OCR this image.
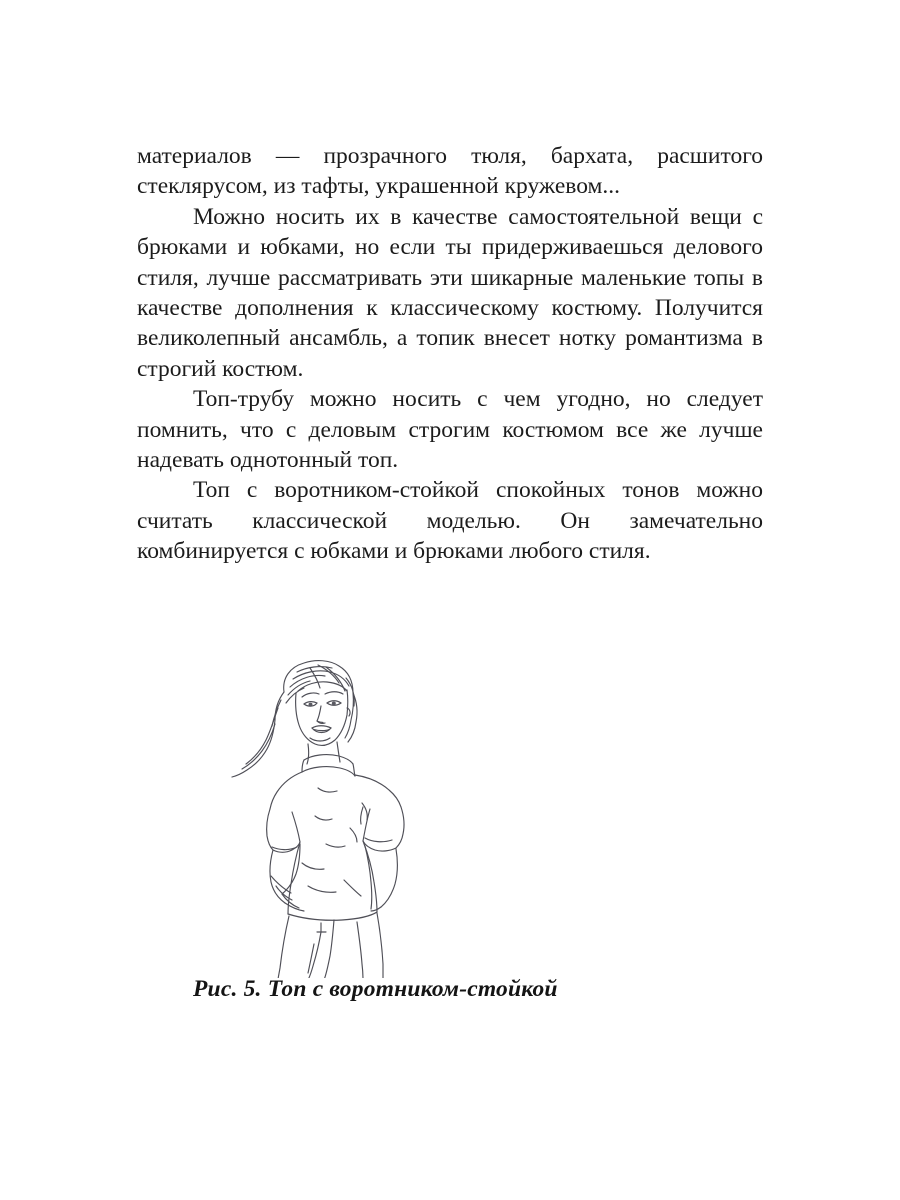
материалов — прозрачного тюля, бархата, расшитого стеклярусом, из тафты, украшенной кружевом...

Можно носить их в качестве самостоятельной вещи с брюками и юбками, но если ты придерживаешься делового стиля, лучше рассматривать эти шикарные маленькие топы в качестве дополнения к классическому костюму. Получится великолепный ансамбль, а топик внесет нотку романтизма в строгий костюм.

Топ-трубу можно носить с чем угодно, но следует помнить, что с деловым строгим костюмом все же лучше надевать однотонный топ.

Топ с воротником-стойкой спокойных тонов можно считать классической моделью. Он замечательно комбинируется с юбками и брюками любого стиля.

Рис. 5. Топ с воротником-стойкой
